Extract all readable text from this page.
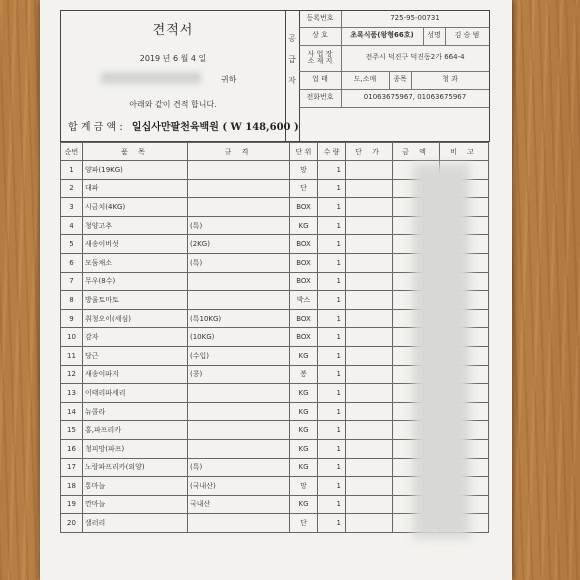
견적서
2019 년 6 월 4 일
귀하
아래와 같이 견적 합니다.
공
급
자
등록번호	725-95-00731
상 호	초록식품(왕형66호)	성명	김 승 범
사 업 장
소 재 지	전주시 덕진구 덕진동2가 664-4
업 태	도,소매	종목	청 과
전화번호	01063675967, 01063675967
합 계 금 액 : 일십사만팔천육백원 ( W 148,600 )
순번	품 목	규 격	단 위	수 량	단 가	금 액	비 고
1	양파(19KG)		망	1			
2	대파		단	1			
3	시금치(4KG)		BOX	1			
4	청양고추	(특)	KG	1			
5	새송이버섯	(2KG)	BOX	1			
6	모둠채소	(특)	BOX	1			
7	무우(8수)		BOX	1			
8	방울토마토		박스	1			
9	취청오이(세심)	(특10KG)	BOX	1			
10	감자	(10KG)	BOX	1			
11	당근	(수입)	KG	1			
12	새송이파지	(콩)	봉	1			
13	이태리파세리		KG	1			
14	뉴콜라		KG	1			
15	홍,파프리카		KG	1			
16	청피망(파프)		KG	1			
17	노랑파프리카(외양)	(특)	KG	1			
18	통마늘	(국내산)	망	1			
19	깐마늘	국내산	KG	1			
20	샐러리		단	1			
